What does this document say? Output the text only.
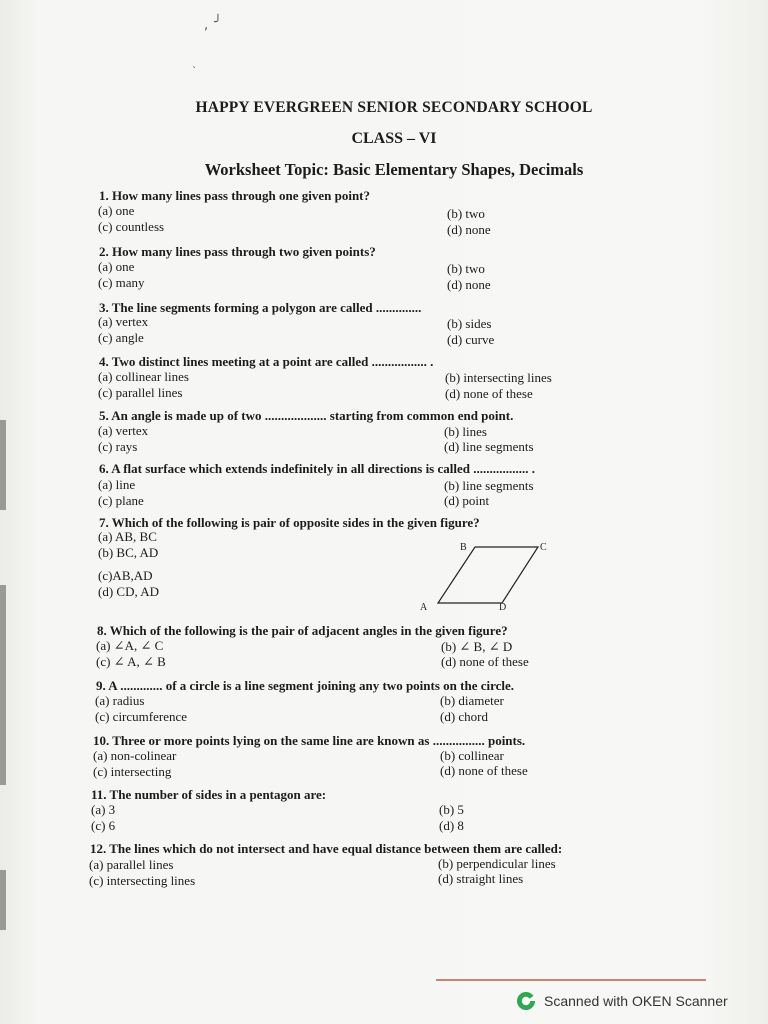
, ╯
`
HAPPY EVERGREEN SENIOR SECONDARY SCHOOL
CLASS – VI
Worksheet Topic: Basic Elementary Shapes, Decimals
1. How many lines pass through one given point?
(a) one	(b) two
(c) countless	(d) none
2. How many lines pass through two given points?
(a) one	(b) two
(c) many	(d) none
3. The line segments forming a polygon are called ..............
(a) vertex	(b) sides
(c) angle	(d) curve
4. Two distinct lines meeting at a point are called ................. .
(a) collinear lines	(b) intersecting lines
(c) parallel lines	(d) none of these
5. An angle is made up of two ................... starting from common end point.
(a) vertex	(b) lines
(c) rays	(d) line segments
6. A flat surface which extends indefinitely in all directions is called ................. .
(a) line	(b) line segments
(c) plane	(d) point
7. Which of the following is pair of opposite sides in the given figure?
(a) AB, BC
(b) BC, AD
(c)AB,AD
(d) CD, AD
B	C
A	D
8. Which of the following is the pair of adjacent angles in the given figure?
(a) ∠A, ∠ C	(b) ∠ B, ∠ D
(c) ∠ A, ∠ B	(d) none of these
9. A ............. of a circle is a line segment joining any two points on the circle.
(a) radius	(b) diameter
(c) circumference	(d) chord
10. Three or more points lying on the same line are known as ................ points.
(a) non-colinear	(b) collinear
(c) intersecting	(d) none of these
11. The number of sides in a pentagon are:
(a) 3	(b) 5
(c) 6	(d) 8
12. The lines which do not intersect and have equal distance between them are called:
(a) parallel lines	(b) perpendicular lines
(c) intersecting lines	(d) straight lines
Scanned with OKEN Scanner
